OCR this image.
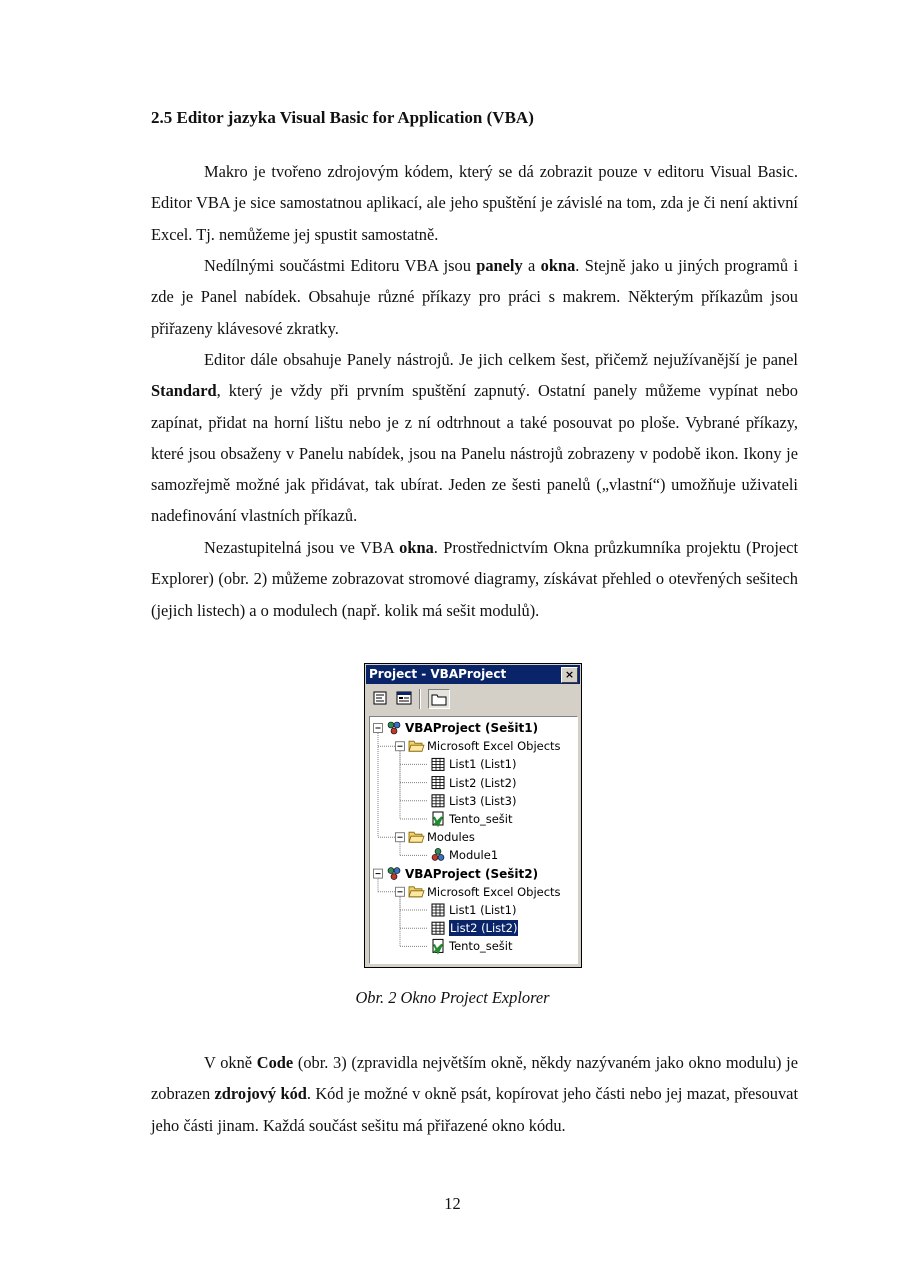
2.5 Editor jazyka Visual Basic for Application (VBA)

Makro je tvořeno zdrojovým kódem, který se dá zobrazit pouze v editoru Visual Basic. Editor VBA je sice samostatnou aplikací, ale jeho spuštění je závislé na tom, zda je či není aktivní Excel. Tj. nemůžeme jej spustit samostatně.

Nedílnými součástmi Editoru VBA jsou panely a okna. Stejně jako u jiných programů i zde je Panel nabídek. Obsahuje různé příkazy pro práci s makrem. Některým příkazům jsou přiřazeny klávesové zkratky.

Editor dále obsahuje Panely nástrojů. Je jich celkem šest, přičemž nejužívanější je panel Standard, který je vždy při prvním spuštění zapnutý. Ostatní panely můžeme vypínat nebo zapínat, přidat na horní lištu nebo je z ní odtrhnout a také posouvat po ploše. Vybrané příkazy, které jsou obsaženy v Panelu nabídek, jsou na Panelu nástrojů zobrazeny v podobě ikon. Ikony je samozřejmě možné jak přidávat, tak ubírat. Jeden ze šesti panelů („vlastní“) umožňuje uživateli nadefinování vlastních příkazů.

Nezastupitelná jsou ve VBA okna. Prostřednictvím Okna průzkumníka projektu (Project Explorer) (obr. 2) můžeme zobrazovat stromové diagramy, získávat přehled o otevřených sešitech (jejich listech) a o modulech (např. kolik má sešit modulů).

Project - VBAProject	×
VBAProject (Sešit1)
Microsoft Excel Objects
List1 (List1)
List2 (List2)
List3 (List3)
Tento_sešit
Modules
Module1
VBAProject (Sešit2)
Microsoft Excel Objects
List1 (List1)
List2 (List2)
Tento_sešit

Obr. 2 Okno Project Explorer

V okně Code (obr. 3) (zpravidla největším okně, někdy nazývaném jako okno modulu) je zobrazen zdrojový kód. Kód je možné v okně psát, kopírovat jeho části nebo jej mazat, přesouvat jeho části jinam. Každá součást sešitu má přiřazené okno kódu.

12
